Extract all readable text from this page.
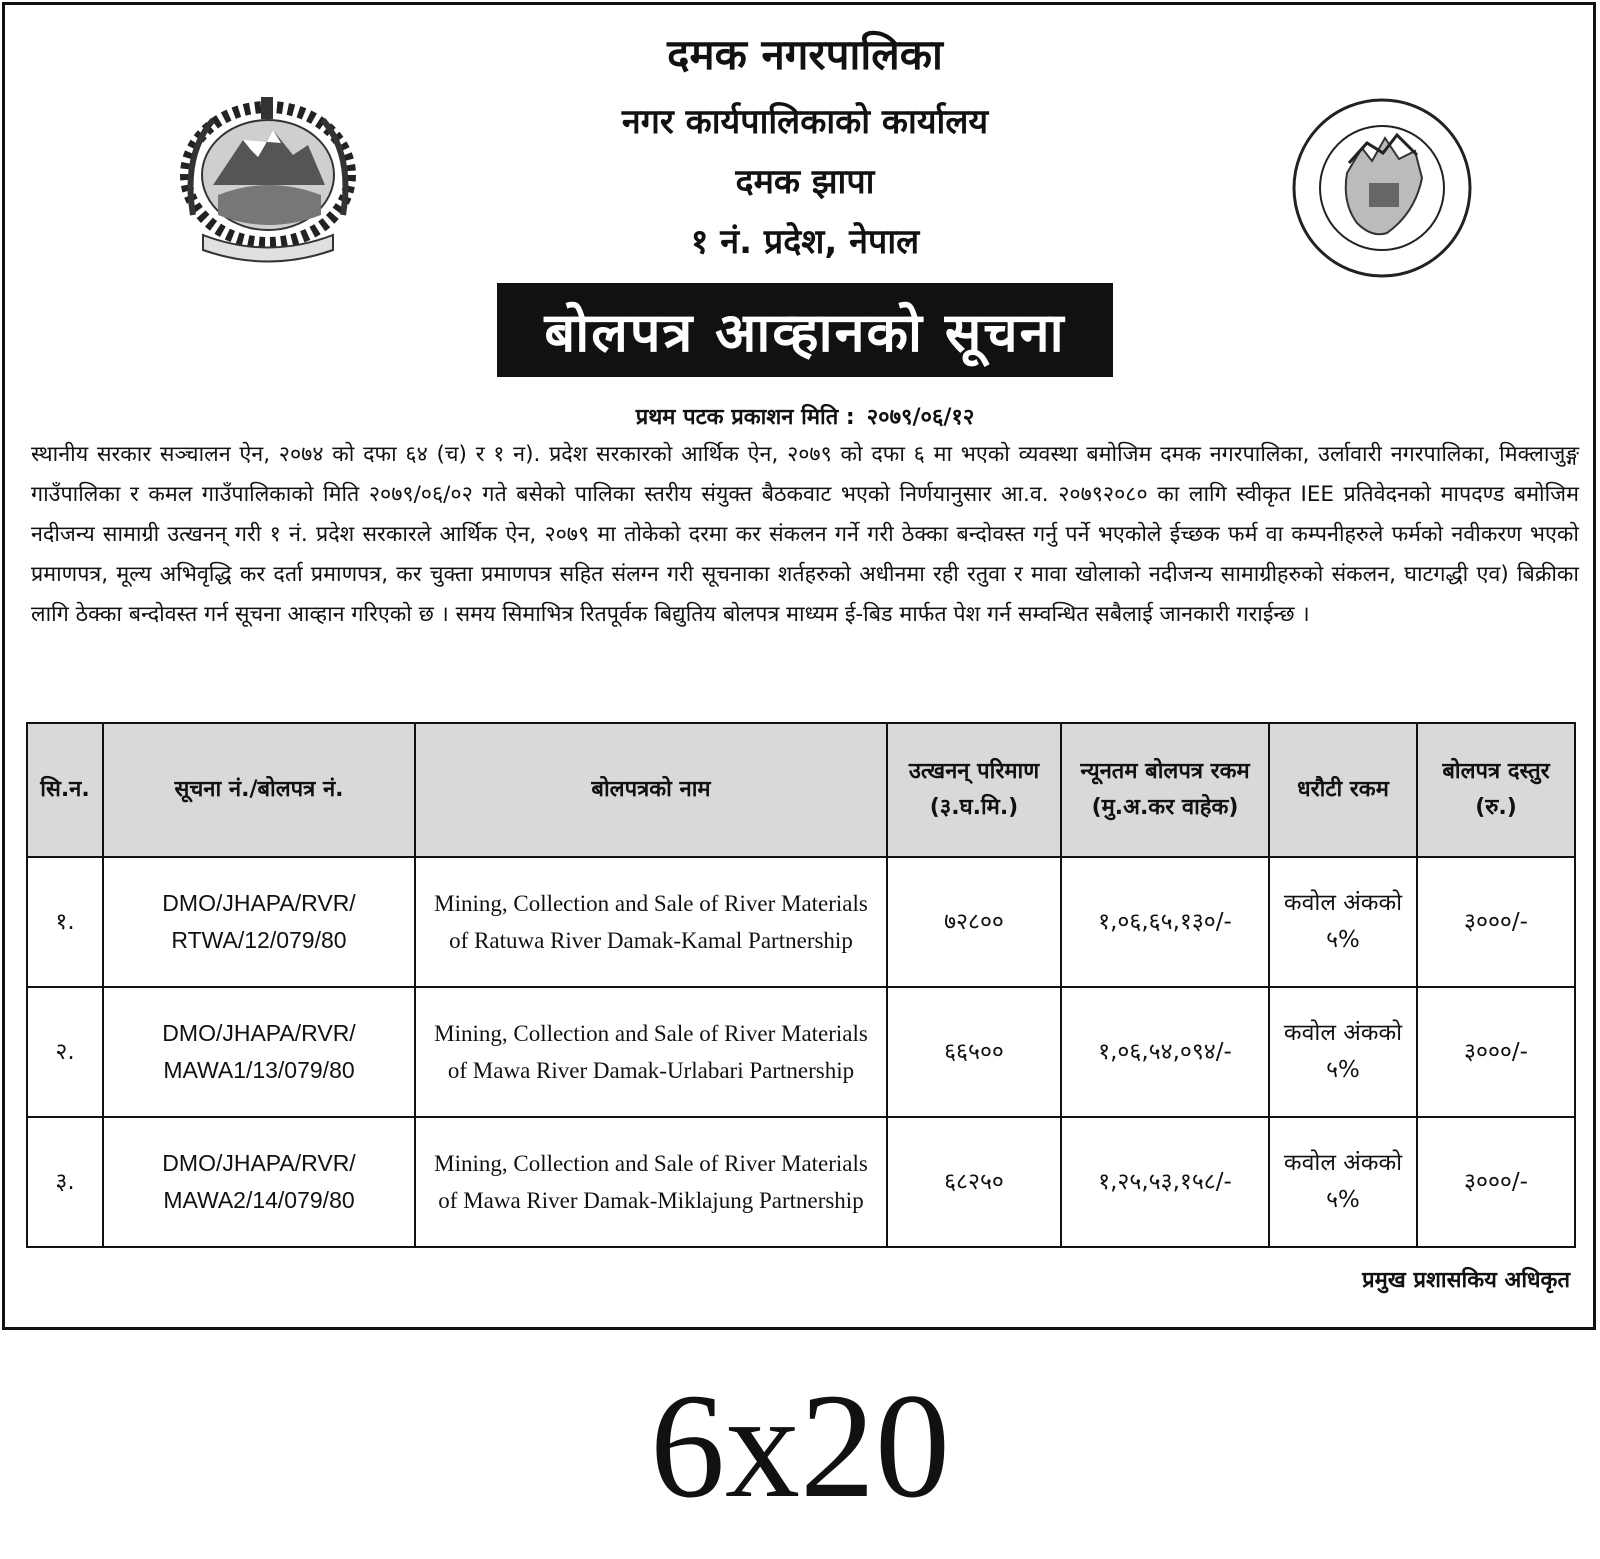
दमक नगरपालिका
नगर कार्यपालिकाको कार्यालय
दमक झापा
१ नं. प्रदेश, नेपाल
बोलपत्र आव्हानको सूचना
प्रथम पटक प्रकाशन मिति : २०७९/०६/१२
स्थानीय सरकार सञ्चालन ऐन, २०७४ को दफा ६४ (च) र १ न). प्रदेश सरकारको आर्थिक ऐन, २०७९ को दफा ६ मा भएको व्यवस्था बमोजिम दमक नगरपालिका, उर्लावारी नगरपालिका, मिक्लाजुङ्ग गाउँपालिका र कमल गाउँपालिकाको मिति २०७९/०६/०२ गते बसेको पालिका स्तरीय संयुक्त बैठकवाट भएको निर्णयानुसार आ.व. २०७९२०८० का लागि स्वीकृत IEE प्रतिवेदनको मापदण्ड बमोजिम नदीजन्य सामाग्री उत्खनन् गरी १ नं. प्रदेश सरकारले आर्थिक ऐन, २०७९ मा तोकेको दरमा कर संकलन गर्ने गरी ठेक्का बन्दोवस्त गर्नु पर्ने भएकोले ईच्छक फर्म वा कम्पनीहरुले फर्मको नवीकरण भएको प्रमाणपत्र, मूल्य अभिवृद्धि कर दर्ता प्रमाणपत्र, कर चुक्ता प्रमाणपत्र सहित संलग्न गरी सूचनाका शर्तहरुको अधीनमा रही रतुवा र मावा खोलाको नदीजन्य सामाग्रीहरुको संकलन, घाटगद्धी एव) बिक्रीका लागि ठेक्का बन्दोवस्त गर्न सूचना आव्हान गरिएको छ । समय सिमाभित्र रितपूर्वक बिद्युतिय बोलपत्र माध्यम ई-बिड मार्फत पेश गर्न सम्वन्धित सबैलाई जानकारी गराईन्छ ।
सि.न.	सूचना नं./बोलपत्र नं.	बोलपत्रको नाम	उत्खनन् परिमाण (३.घ.मि.)	न्यूनतम बोलपत्र रकम (मु.अ.कर वाहेक)	धरौटी रकम	बोलपत्र दस्तुर (रु.)
१.	DMO/JHAPA/RVR/ RTWA/12/079/80	Mining, Collection and Sale of River Materials of Ratuwa River Damak-Kamal Partnership	७२८००	१,०६,६५,१३०/-	कवोल अंकको ५%	३०००/-
२.	DMO/JHAPA/RVR/ MAWA1/13/079/80	Mining, Collection and Sale of River Materials of Mawa River Damak-Urlabari Partnership	६६५००	१,०६,५४,०९४/-	कवोल अंकको ५%	३०००/-
३.	DMO/JHAPA/RVR/ MAWA2/14/079/80	Mining, Collection and Sale of River Materials of Mawa River Damak-Miklajung Partnership	६८२५०	१,२५,५३,१५८/-	कवोल अंकको ५%	३०००/-
प्रमुख प्रशासकिय अधिकृत
6x20
